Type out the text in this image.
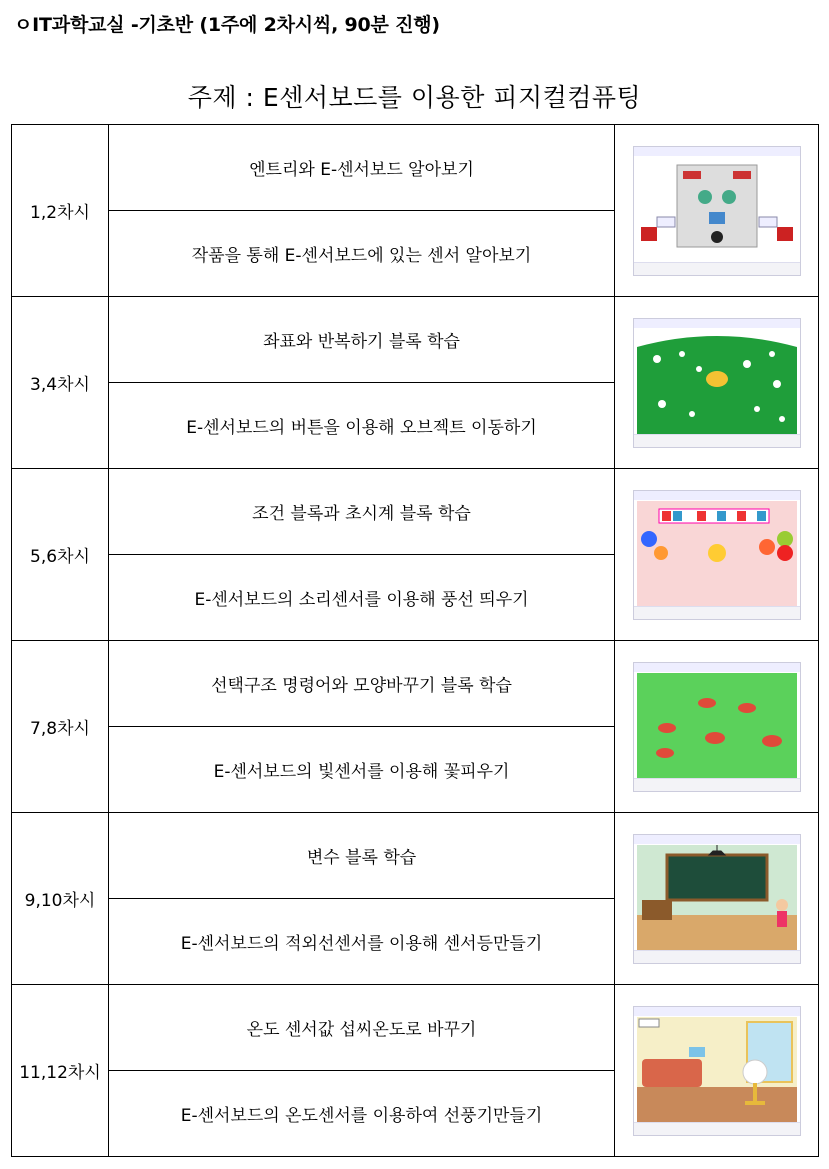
ㅇIT과학교실 -기초반 (1주에 2차시씩, 90분 진행)
주제 : E센서보드를 이용한 피지컬컴퓨팅
1,2차시	엔트리와 E-센서보드 알아보기	

	작품을 통해 E-센서보드에 있는 센서 알아보기	
3,4차시	좌표와 반복하기 블록 학습	

	E-센서보드의 버튼을 이용해 오브젝트 이동하기	
5,6차시	조건 블록과 초시계 블록 학습	

	E-센서보드의 소리센서를 이용해 풍선 띄우기	
7,8차시	선택구조 명령어와 모양바꾸기 블록 학습	

	E-센서보드의 빛센서를 이용해 꽃피우기	
9,10차시	변수 블록 학습	

	E-센서보드의 적외선센서를 이용해 센서등만들기	
11,12차시	온도 센서값 섭씨온도로 바꾸기	

	E-센서보드의 온도센서를 이용하여 선풍기만들기	
